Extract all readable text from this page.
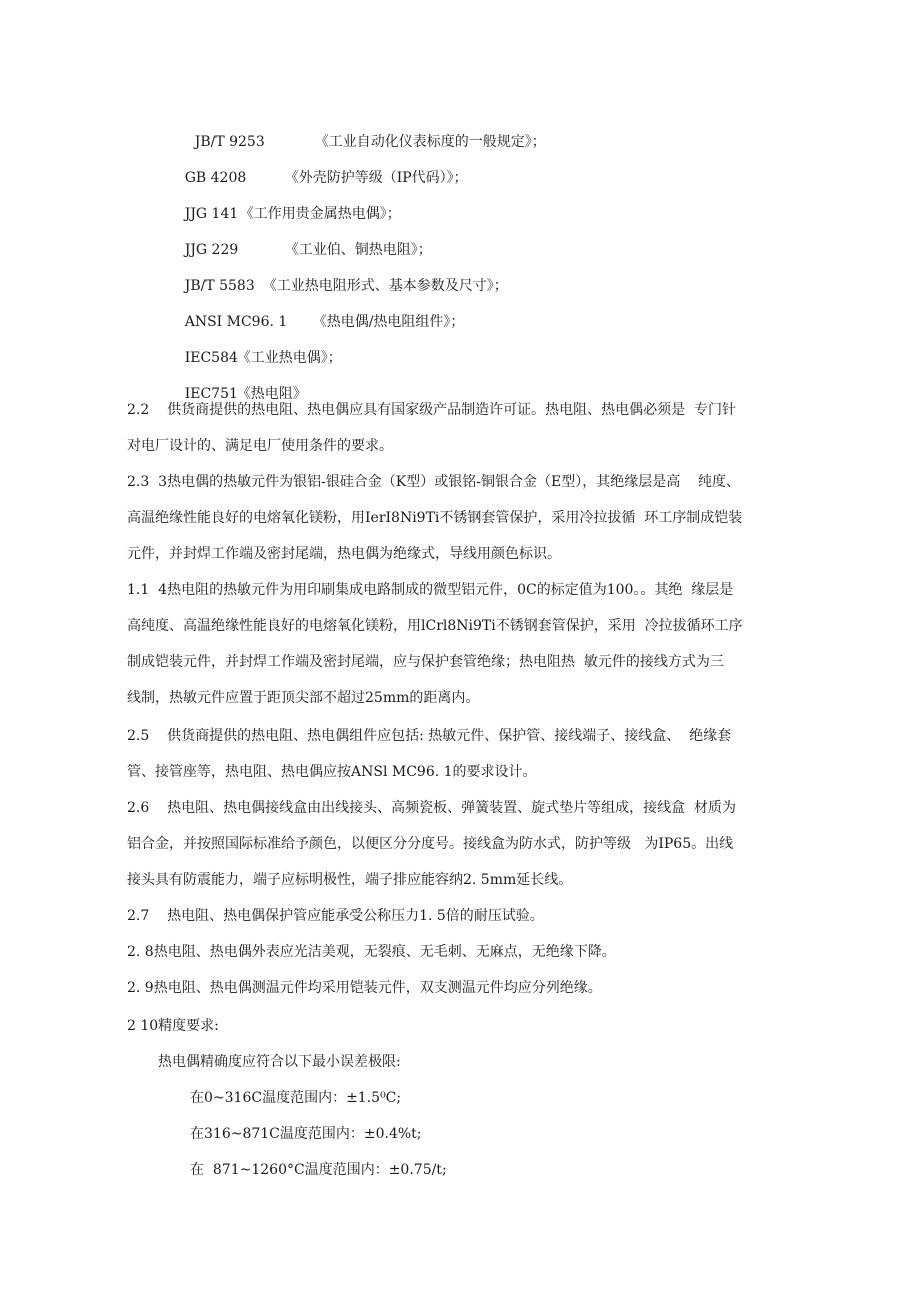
JB/T 9253	《工业自动化仪表标度的一般规定》；

GB 4208	《外壳防护等级（IP代码）》；

JJG 141《工作用贵金属热电偶》；

JJG 229	《工业伯、铜热电阻》；

JB/T 5583 《工业热电阻形式、基本参数及尺寸》；

ANSI MC96. 1 《热电偶/热电阻组件》；

IEC584《工业热电偶》；

IEC751《热电阻》

2.2    供货商提供的热电阻、热电偶应具有国家级产品制造许可证。热电阻、热电偶必须是  专门针
对电厂设计的、满足电厂使用条件的要求。
2.3  3热电偶的热敏元件为银铝-银硅合金（K型）或银铭-铜银合金（E型），其绝缘层是高    纯度、
高温绝缘性能良好的电熔氧化镁粉，用IerI8Ni9Ti不锈钢套管保护，采用冷拉拔循  环工序制成铠装
元件，并封焊工作端及密封尾端，热电偶为绝缘式，导线用颜色标识。
1.1  4热电阻的热敏元件为用印刷集成电路制成的微型铝元件，0C的标定值为100。。其绝  缘层是
高纯度、高温绝缘性能良好的电熔氧化镁粉，用lCrl8Ni9Ti不锈钢套管保护，采用  冷拉拔循环工序
制成铠装元件，并封焊工作端及密封尾端，应与保护套管绝缘；热电阻热  敏元件的接线方式为三
线制，热敏元件应置于距顶尖部不超过25mm的距离内。
2.5    供货商提供的热电阻、热电偶组件应包括: 热敏元件、保护管、接线端子、接线盒、  绝缘套
管、接管座等，热电阻、热电偶应按ANSl MC96. 1的要求设计。
2.6    热电阻、热电偶接线盒由出线接头、高频瓷板、弹簧装置、旋式垫片等组成，接线盒  材质为
铝合金，并按照国际标准给予颜色，以便区分分度号。接线盒为防水式，防护等级   为IP65。出线
接头具有防震能力，端子应标明极性，端子排应能容纳2. 5mm延长线。
2.7    热电阻、热电偶保护管应能承受公称压力1. 5倍的耐压试验。
2. 8热电阻、热电偶外表应光洁美观，无裂痕、无毛刺、无麻点，无绝缘下降。
2. 9热电阻、热电偶测温元件均采用铠装元件，双支测温元件均应分列绝缘。
2 10精度要求:
热电偶精确度应符合以下最小误差极限:
在0~316C温度范围内：±1.5⁰C;
在316~871C温度范围内：±0.4%t;
在  871~1260°C温度范围内：±0.75/t;
